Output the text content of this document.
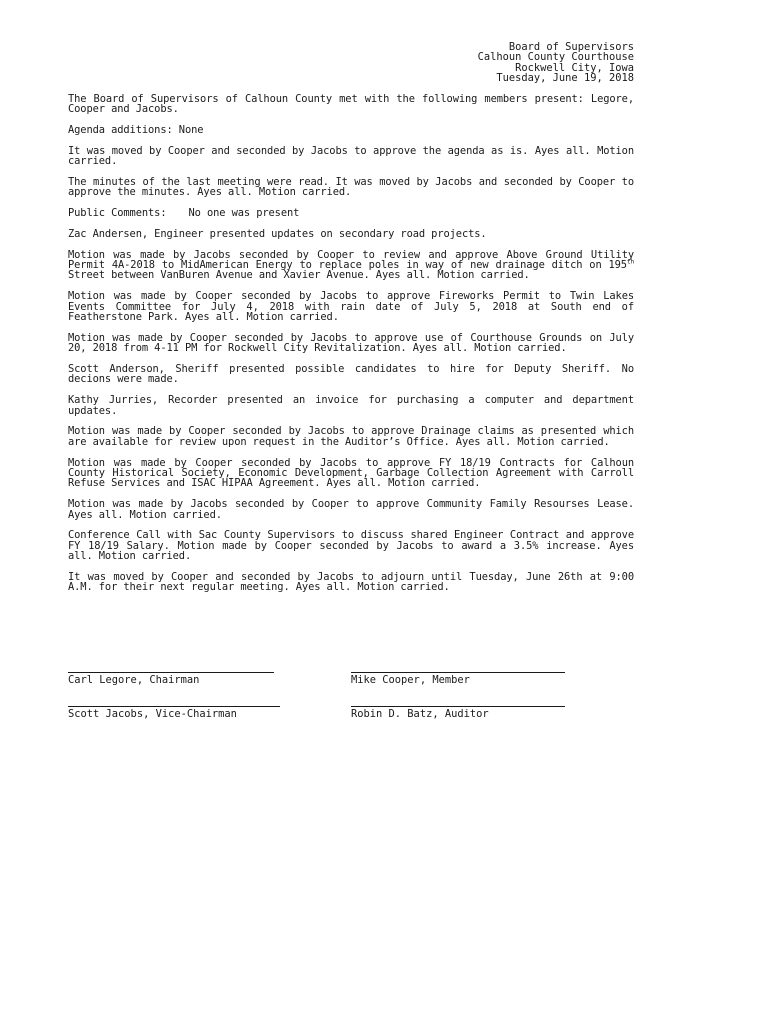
Board of Supervisors
Calhoun County Courthouse
Rockwell City, Iowa
Tuesday, June 19, 2018

The Board of Supervisors of Calhoun County met with the following members present: Legore, Cooper and Jacobs.

Agenda additions: None

It was moved by Cooper and seconded by Jacobs to approve the agenda as is. Ayes all. Motion carried.

The minutes of the last meeting were read. It was moved by Jacobs and seconded by Cooper to approve the minutes. Ayes all. Motion carried.

Public Comments: No one was present

Zac Andersen, Engineer presented updates on secondary road projects.

Motion was made by Jacobs seconded by Cooper to review and approve Above Ground Utility Permit 4A-2018 to MidAmerican Energy to replace poles in way of new drainage ditch on 195th Street between VanBuren Avenue and Xavier Avenue. Ayes all. Motion carried.

Motion was made by Cooper seconded by Jacobs to approve Fireworks Permit to Twin Lakes Events Committee for July 4, 2018 with rain date of July 5, 2018 at South end of Featherstone Park. Ayes all. Motion carried.

Motion was made by Cooper seconded by Jacobs to approve use of Courthouse Grounds on July 20, 2018 from 4-11 PM for Rockwell City Revitalization. Ayes all. Motion carried.

Scott Anderson, Sheriff presented possible candidates to hire for Deputy Sheriff. No decions were made.

Kathy Jurries, Recorder presented an invoice for purchasing a computer and department updates.

Motion was made by Cooper seconded by Jacobs to approve Drainage claims as presented which are available for review upon request in the Auditor’s Office. Ayes all. Motion carried.

Motion was made by Cooper seconded by Jacobs to approve FY 18/19 Contracts for Calhoun County Historical Society, Economic Development, Garbage Collection Agreement with Carroll Refuse Services and ISAC HIPAA Agreement. Ayes all. Motion carried.

Motion was made by Jacobs seconded by Cooper to approve Community Family Resourses Lease. Ayes all. Motion carried.

Conference Call with Sac County Supervisors to discuss shared Engineer Contract and approve FY 18/19 Salary. Motion made by Cooper seconded by Jacobs to award a 3.5% increase. Ayes all. Motion carried.

It was moved by Cooper and seconded by Jacobs to adjourn until Tuesday, June 26th at 9:00 A.M. for their next regular meeting. Ayes all. Motion carried.

Carl Legore, Chairman	Mike Cooper, Member
Scott Jacobs, Vice-Chairman	Robin D. Batz, Auditor
